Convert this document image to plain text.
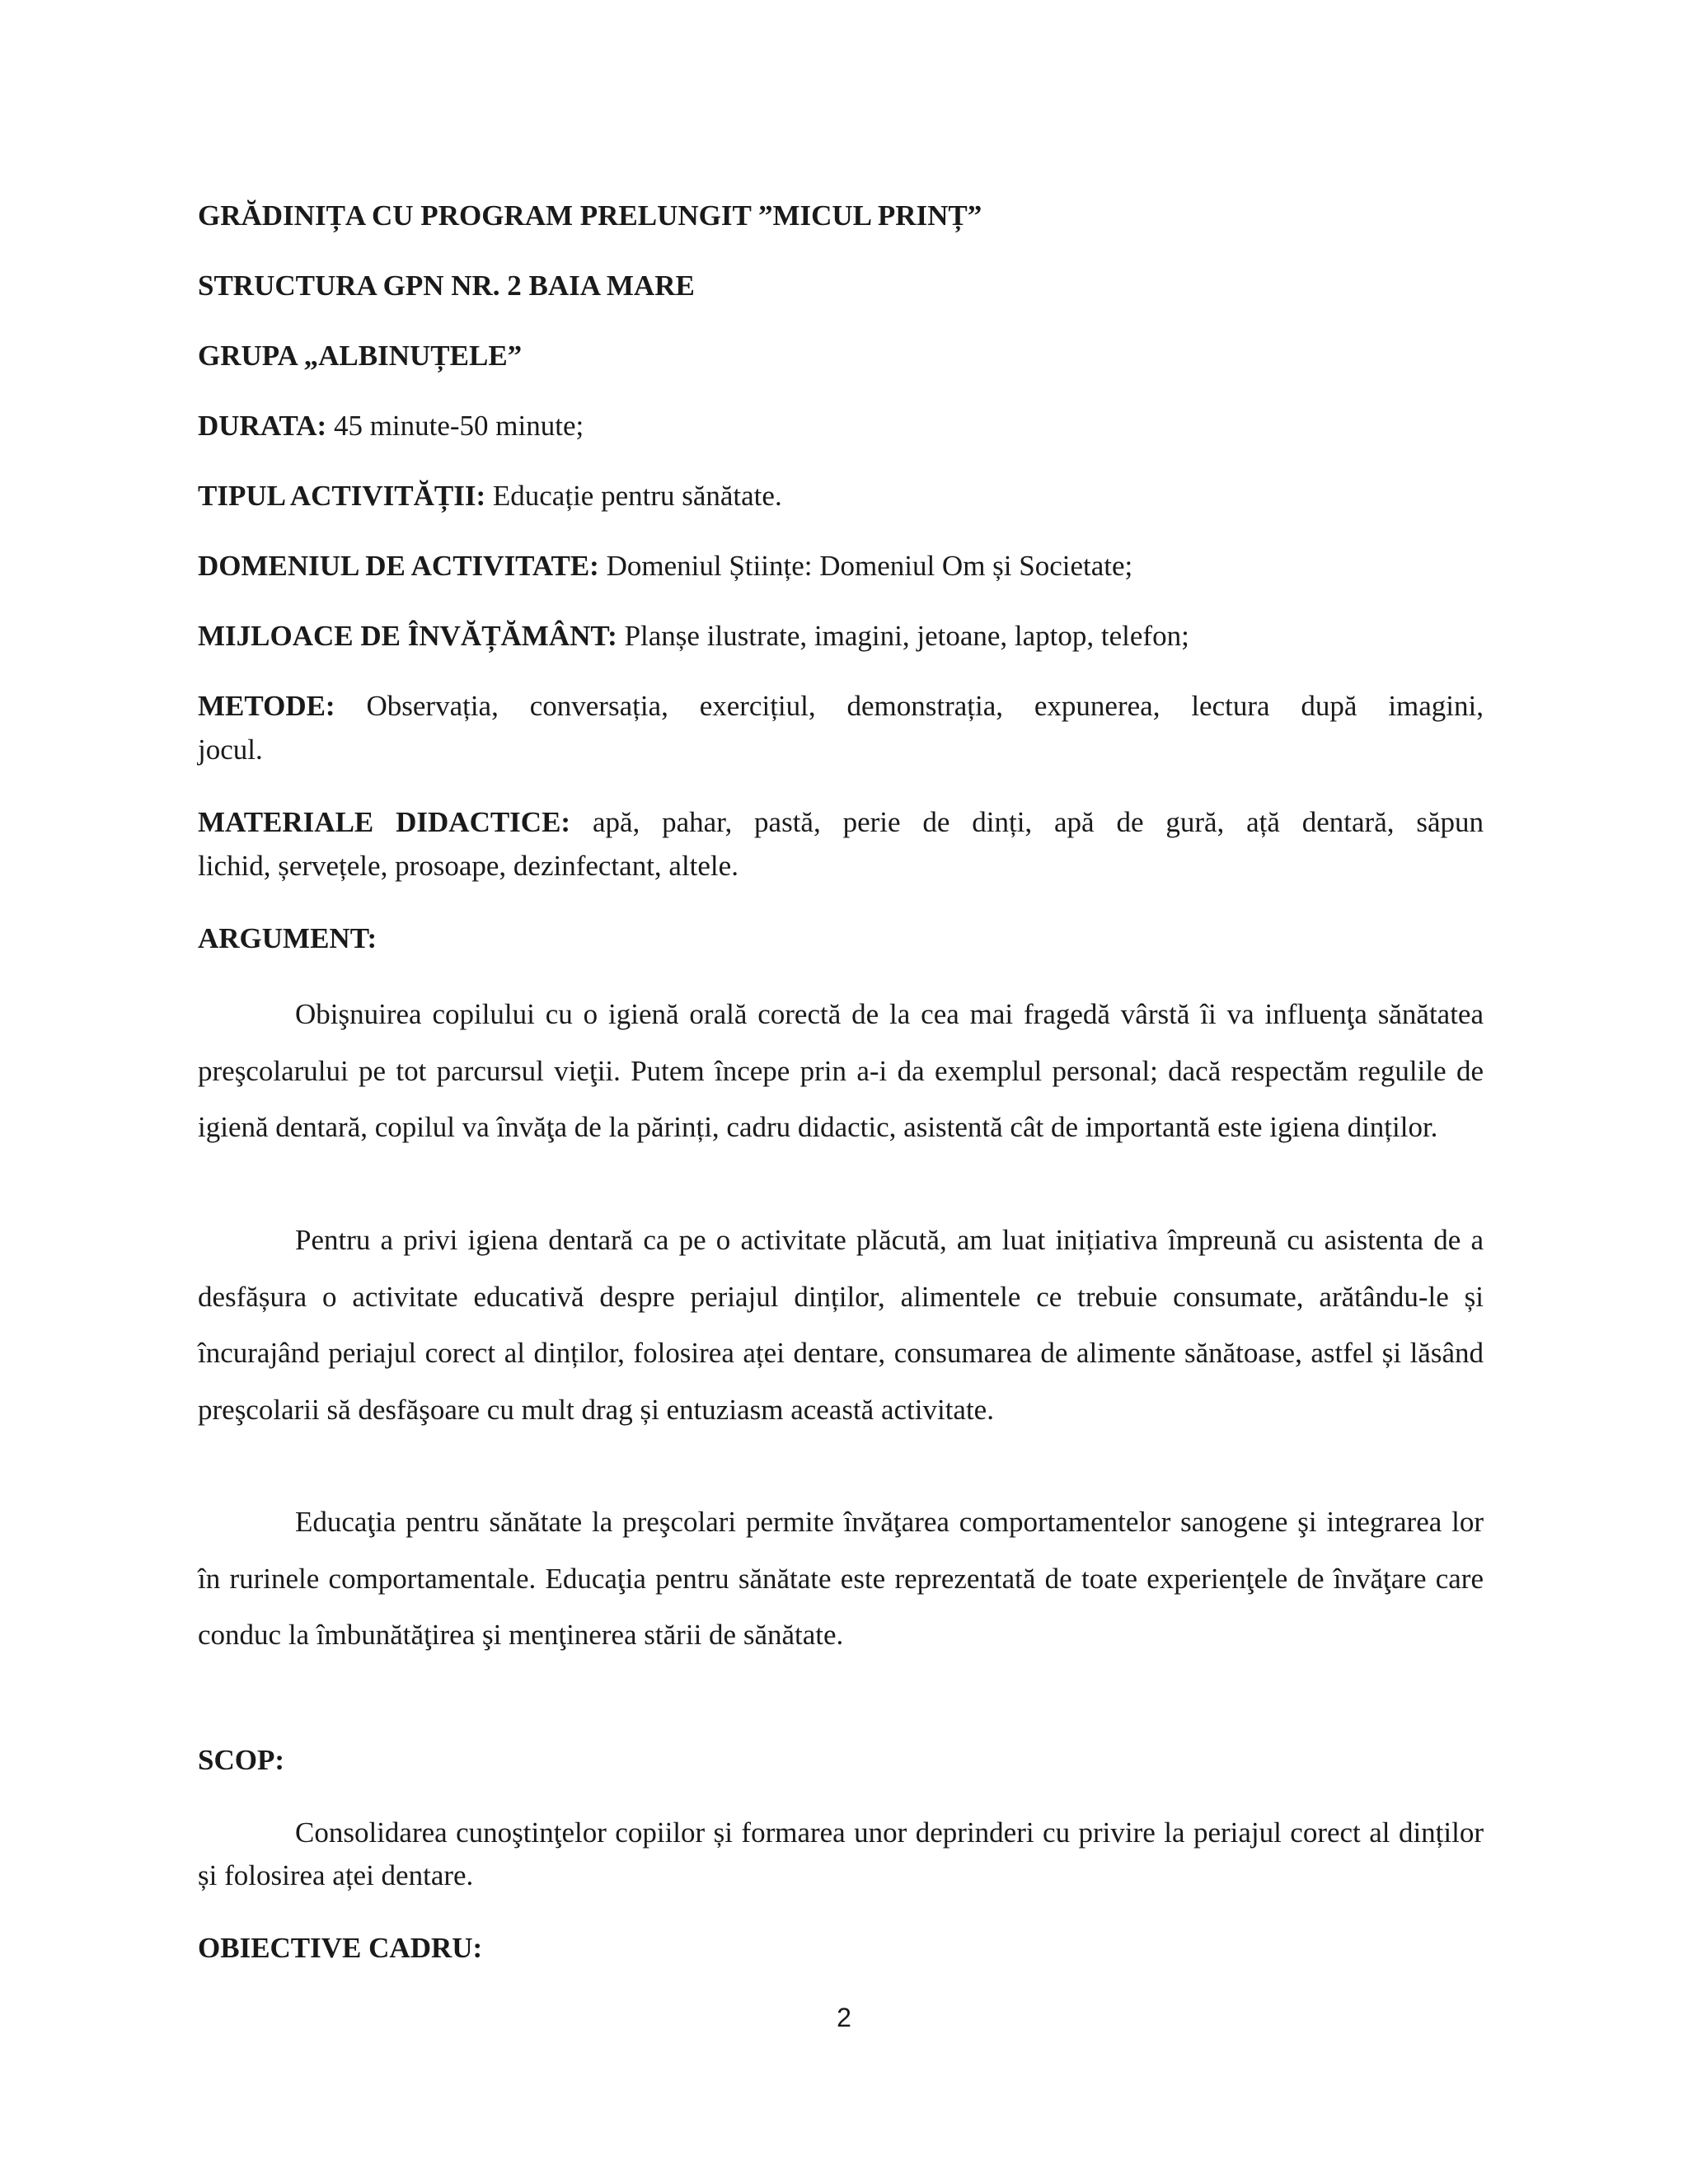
GRĂDINIȚA CU PROGRAM PRELUNGIT ”MICUL PRINȚ”
STRUCTURA GPN NR. 2 BAIA MARE
GRUPA „ALBINUȚELE”
DURATA: 45 minute-50 minute;
TIPUL ACTIVITĂȚII: Educație pentru sănătate.
DOMENIUL DE ACTIVITATE: Domeniul Științe: Domeniul Om și Societate;
MIJLOACE DE ÎNVĂȚĂMÂNT: Planșe ilustrate, imagini, jetoane, laptop, telefon;
METODE: Observația, conversația, exercițiul, demonstrația, expunerea, lectura după imagini,
jocul.
MATERIALE DIDACTICE: apă, pahar, pastă, perie de dinți, apă de gură, ață dentară, săpun
lichid, șervețele, prosoape, dezinfectant, altele.
ARGUMENT:
Obişnuirea copilului cu o igienă orală corectă de la cea mai fragedă vârstă îi va influenţa sănătatea preşcolarului pe tot parcursul vieţii. Putem începe prin a-i da exemplul personal; dacă respectăm regulile de igienă dentară, copilul va învăţa de la părinți, cadru didactic, asistentă cât de importantă este igiena dinților.
Pentru a privi igiena dentară ca pe o activitate plăcută, am luat inițiativa împreună cu asistenta de a desfășura o activitate educativă despre periajul dinților, alimentele ce trebuie consumate, arătându-le și încurajând periajul corect al dinților, folosirea aței dentare, consumarea de alimente sănătoase, astfel și lăsând preşcolarii să desfăşoare cu mult drag și entuziasm această activitate.
Educaţia pentru sănătate la preşcolari permite învăţarea comportamentelor sanogene şi integrarea lor în rurinele comportamentale. Educaţia pentru sănătate este reprezentată de toate experienţele de învăţare care conduc la îmbunătăţirea şi menţinerea stării de sănătate.
SCOP:
Consolidarea cunoştinţelor copiilor și formarea unor deprinderi cu privire la periajul corect al dinților și folosirea aței dentare.
OBIECTIVE CADRU:
2
